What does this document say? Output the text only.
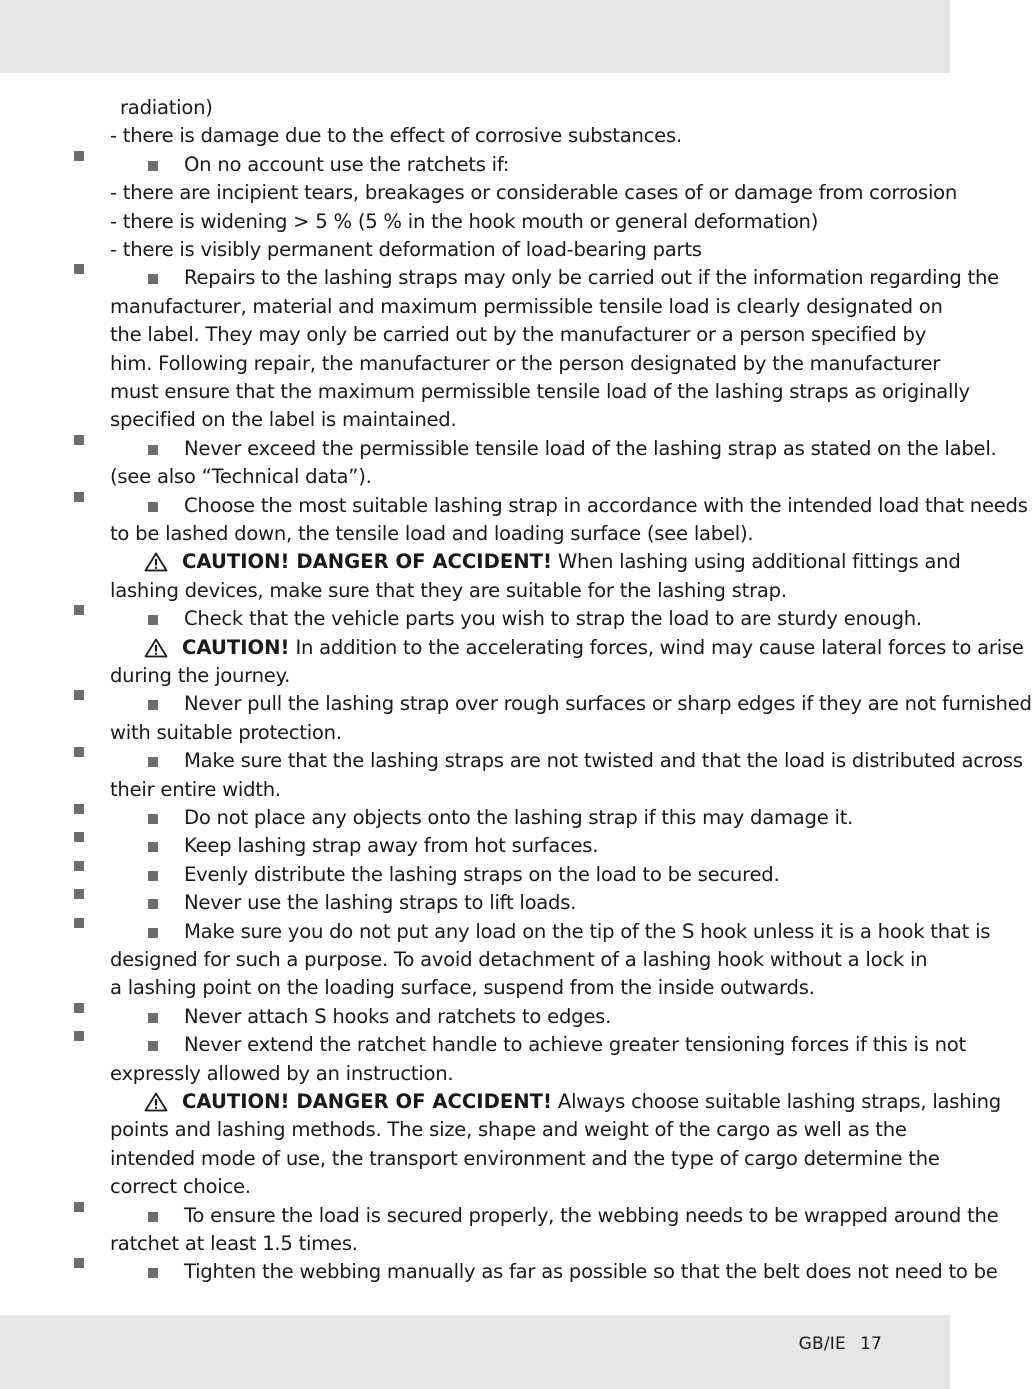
radiation)
- there is damage due to the effect of corrosive substances.
On no account use the ratchets if:
- there are incipient tears, breakages or considerable cases of or damage from corrosion
- there is widening > 5 % (5 % in the hook mouth or general deformation)
- there is visibly permanent deformation of load-bearing parts
Repairs to the lashing straps may only be carried out if the information regarding the
manufacturer, material and maximum permissible tensile load is clearly designated on
the label. They may only be carried out by the manufacturer or a person specified by
him. Following repair, the manufacturer or the person designated by the manufacturer
must ensure that the maximum permissible tensile load of the lashing straps as originally
specified on the label is maintained.
Never exceed the permissible tensile load of the lashing strap as stated on the label.
(see also “Technical data”).
Choose the most suitable lashing strap in accordance with the intended load that needs
to be lashed down, the tensile load and loading surface (see label).
CAUTION! DANGER OF ACCIDENT! When lashing using additional fittings and
lashing devices, make sure that they are suitable for the lashing strap.
Check that the vehicle parts you wish to strap the load to are sturdy enough.
CAUTION! In addition to the accelerating forces, wind may cause lateral forces to arise
during the journey.
Never pull the lashing strap over rough surfaces or sharp edges if they are not furnished
with suitable protection.
Make sure that the lashing straps are not twisted and that the load is distributed across
their entire width.
Do not place any objects onto the lashing strap if this may damage it.
Keep lashing strap away from hot surfaces.
Evenly distribute the lashing straps on the load to be secured.
Never use the lashing straps to lift loads.
Make sure you do not put any load on the tip of the S hook unless it is a hook that is
designed for such a purpose. To avoid detachment of a lashing hook without a lock in
a lashing point on the loading surface, suspend from the inside outwards.
Never attach S hooks and ratchets to edges.
Never extend the ratchet handle to achieve greater tensioning forces if this is not
expressly allowed by an instruction.
CAUTION! DANGER OF ACCIDENT! Always choose suitable lashing straps, lashing
points and lashing methods. The size, shape and weight of the cargo as well as the
intended mode of use, the transport environment and the type of cargo determine the
correct choice.
To ensure the load is secured properly, the webbing needs to be wrapped around the
ratchet at least 1.5 times.
Tighten the webbing manually as far as possible so that the belt does not need to be
GB/IE 17
